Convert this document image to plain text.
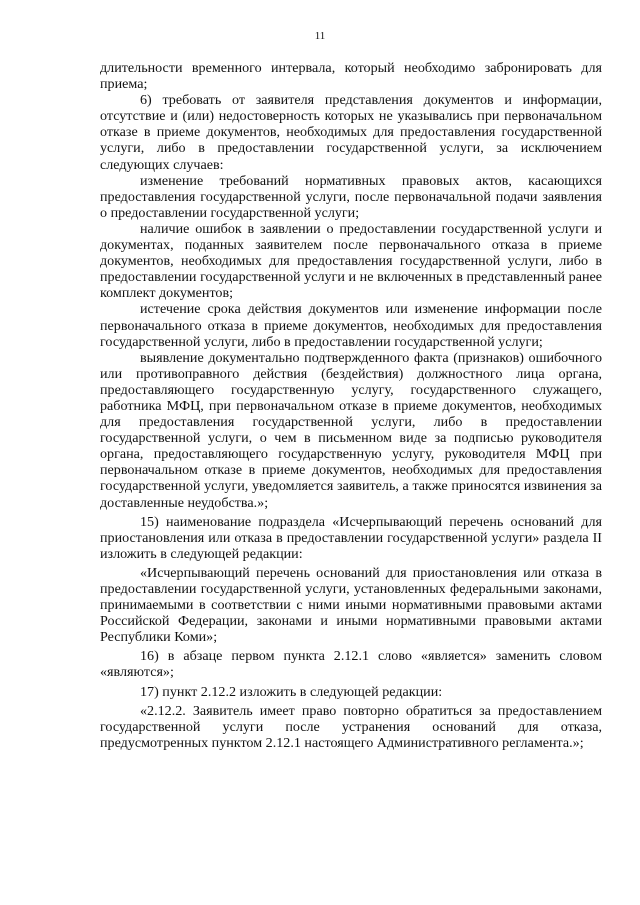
11

длительности временного интервала, который необходимо забронировать для приема;

6) требовать от заявителя представления документов и информации, отсутствие и (или) недостоверность которых не указывались при первоначальном отказе в приеме документов, необходимых для предоставления государственной услуги, либо в предоставлении государственной услуги, за исключением следующих случаев:

изменение требований нормативных правовых актов, касающихся предоставления государственной услуги, после первоначальной подачи заявления о предоставлении государственной услуги;

наличие ошибок в заявлении о предоставлении государственной услуги и документах, поданных заявителем после первоначального отказа в приеме документов, необходимых для предоставления государственной услуги, либо в предоставлении государственной услуги и не включенных в представленный ранее комплект документов;

истечение срока действия документов или изменение информации после первоначального отказа в приеме документов, необходимых для предоставления государственной услуги, либо в предоставлении государственной услуги;

выявление документально подтвержденного факта (признаков) ошибочного или противоправного действия (бездействия) должностного лица органа, предоставляющего государственную услугу, государственного служащего, работника МФЦ, при первоначальном отказе в приеме документов, необходимых для предоставления государственной услуги, либо в предоставлении государственной услуги, о чем в письменном виде за подписью руководителя органа, предоставляющего государственную услугу, руководителя МФЦ при первоначальном отказе в приеме документов, необходимых для предоставления государственной услуги, уведомляется заявитель, а также приносятся извинения за доставленные неудобства.»;

15) наименование подраздела «Исчерпывающий перечень оснований для приостановления или отказа в предоставлении государственной услуги» раздела II изложить в следующей редакции:

«Исчерпывающий перечень оснований для приостановления или отказа в предоставлении государственной услуги, установленных федеральными законами, принимаемыми в соответствии с ними иными нормативными правовыми актами Российской Федерации, законами и иными нормативными правовыми актами Республики Коми»;

16) в абзаце первом пункта 2.12.1 слово «является» заменить словом «являются»;

17) пункт 2.12.2 изложить в следующей редакции:

«2.12.2. Заявитель имеет право повторно обратиться за предоставлением государственной услуги после устранения оснований для отказа, предусмотренных пунктом 2.12.1 настоящего Административного регламента.»;
